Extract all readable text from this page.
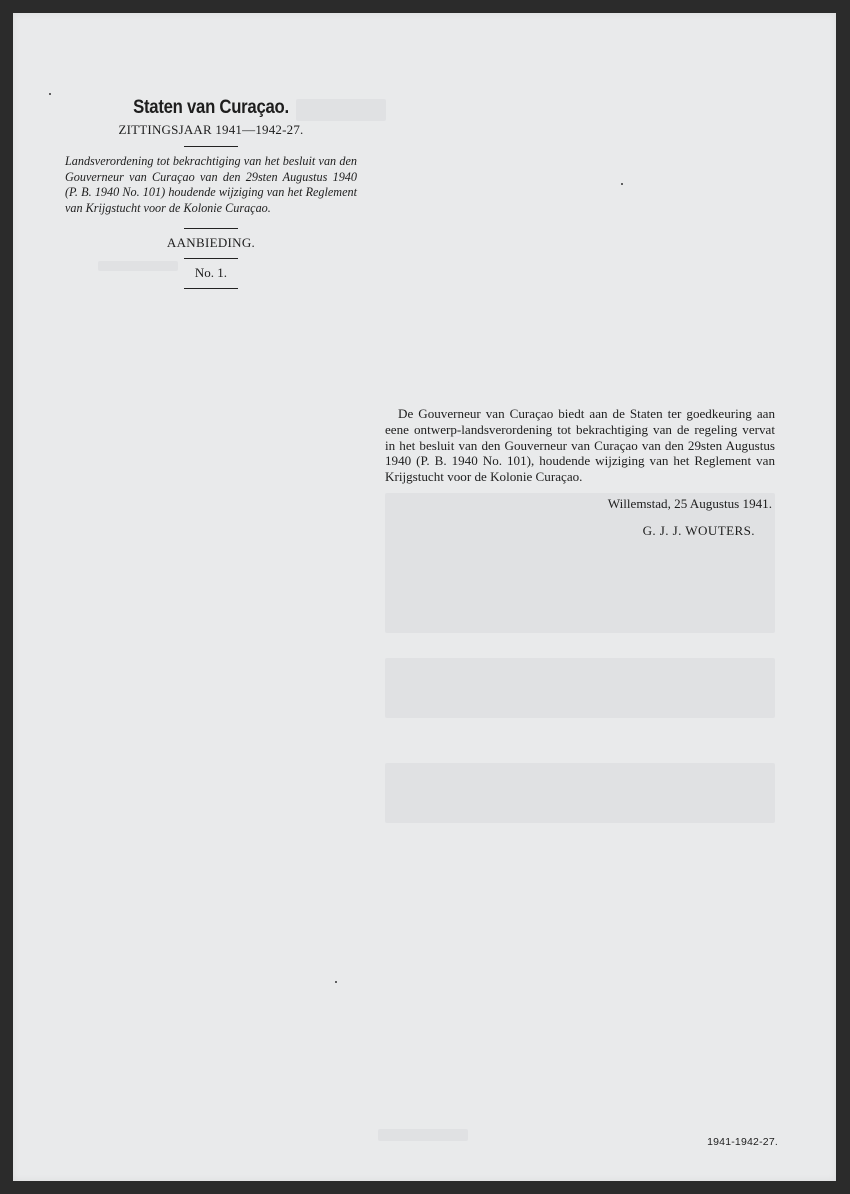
Staten van Curaçao.
ZITTINGSJAAR 1941—1942-27.
Landsverordening tot bekrachtiging van het besluit van den Gouverneur van Curaçao van den 29sten Augustus 1940 (P. B. 1940 No. 101) houdende wijziging van het Reglement van Krijgstucht voor de Kolonie Curaçao.
AANBIEDING.
No. 1.
De Gouverneur van Curaçao biedt aan de Staten ter goedkeuring aan eene ontwerp-landsverordening tot bekrachtiging van de regeling vervat in het besluit van den Gouverneur van Curaçao van den 29sten Augustus 1940 (P. B. 1940 No. 101), houdende wijziging van het Reglement van Krijgstucht voor de Kolonie Curaçao.
Willemstad, 25 Augustus 1941.
G. J. J. WOUTERS.
1941-1942-27.
